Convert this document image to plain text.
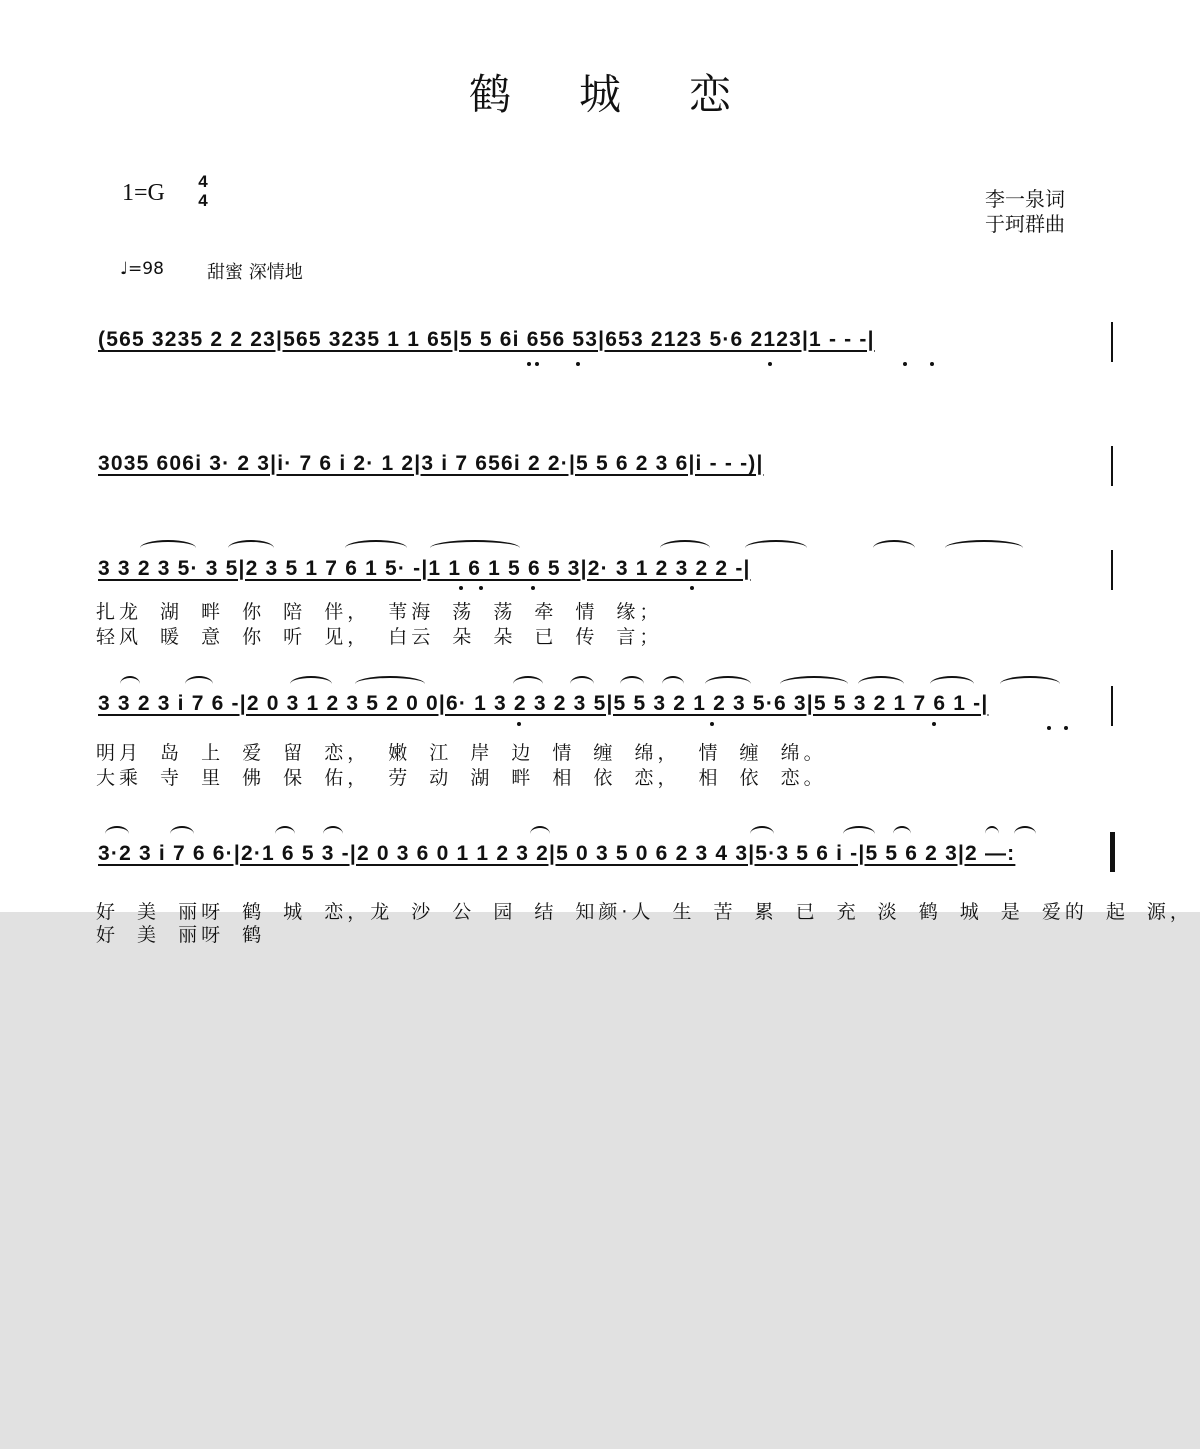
鹤城恋
1=G	4
4	李一泉词
于珂群曲
♩=98 甜蜜 深情地
(565 3235 2 2 23|565 3235 1 1 65|5 5 6i 656 53|653 2123 5·6 2123|1 - - -|
3035 606i 3· 2 3|i· 7 6 i 2· 1 2|3 i 7 656i 2 2·|5 5 6 2 3 6|i - - -)|
3 3 2 3 5· 3 5|2 3 5 1 7 6 1 5· -|1 1 6 1 5 6 5 3|2· 3 1 2 3 2 2 -|
扎龙 湖 畔 你 陪 伴， 苇海 荡 荡 牵 情 缘；
轻风 暖 意 你 听 见， 白云 朵 朵 已 传 言；
3 3 2 3 i 7 6 -|2 0 3 1 2 3 5 2 0 0|6· 1 3 2 3 2 3 5|5 5 3 2 1 2 3 5·6 3|5 5 3 2 1 7 6 1 -|
明月 岛 上 爱 留 恋， 嫩 江 岸 边 情 缠 绵， 情 缠 绵。
大乘 寺 里 佛 保 佑， 劳 动 湖 畔 相 依 恋， 相 依 恋。
3·2 3 i 7 6 6·|2·1 6 5 3 -|2 0 3 6 0 1 1 2 3 2|5 0 3 5 0 6 2 3 4 3|5·3 5 6 i -|5 5 6 2 3|2 —:
好 美 丽呀 鹤 城 恋，龙 沙 公 园 结 知颜·人 生 苦 累 已 充 淡 鹤 城 是 爱的 起 源，
好 美 丽呀 鹤
